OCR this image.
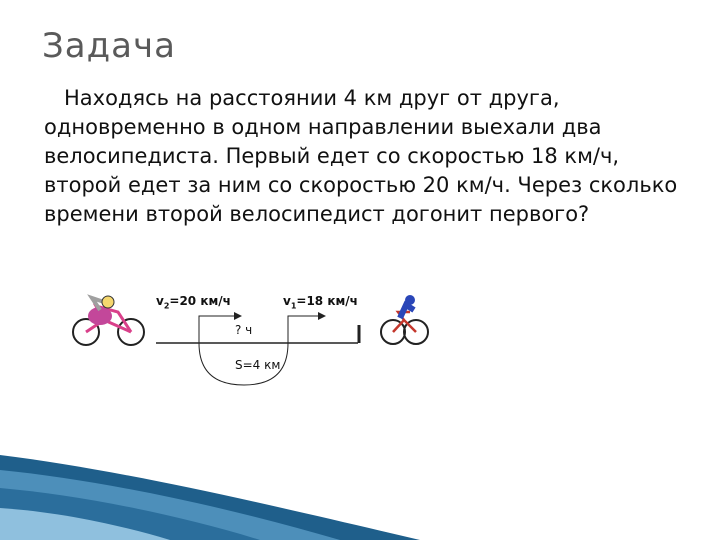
Задача
Находясь на расстоянии 4 км друг от друга, одновременно в одном направлении выехали два велосипедиста. Первый едет со скоростью 18 км/ч, второй едет за ним со скоростью 20 км/ч. Через сколько времени второй велосипедист догонит первого?
$v_2=20$ км/ч	$v_1=18$ км/ч
? ч
S=4 км
